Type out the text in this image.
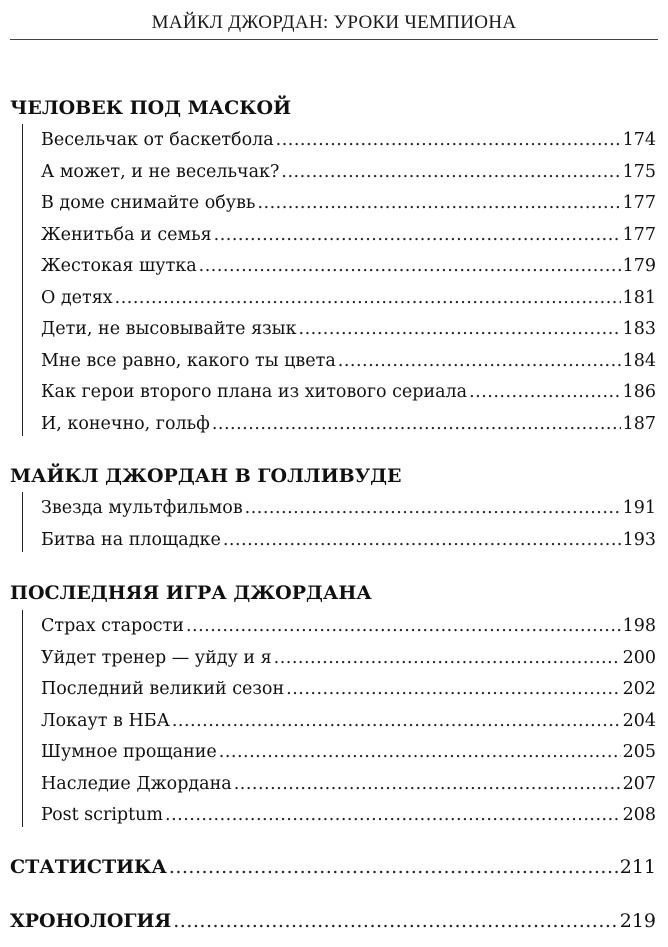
МАЙКЛ ДЖОРДАН: УРОКИ ЧЕМПИОНА
ЧЕЛОВЕК ПОД МАСКОЙ
Весельчак от баскетбола .....	174
А может, и не весельчак? .....	175
В доме снимайте обувь .....	177
Женитьба и семья .....	177
Жестокая шутка .....	179
О детях .....	181
Дети, не высовывайте язык .....	183
Мне все равно, какого ты цвета .....	184
Как герои второго плана из хитового сериала .....	186
И, конечно, гольф .....	187
МАЙКЛ ДЖОРДАН В ГОЛЛИВУДЕ
Звезда мультфильмов .....	191
Битва на площадке .....	193
ПОСЛЕДНЯЯ ИГРА ДЖОРДАНА
Страх старости .....	198
Уйдет тренер — уйду и я .....	200
Последний великий сезон .....	202
Локаут в НБА .....	204
Шумное прощание .....	205
Наследие Джордана .....	207
Post scriptum .....	208
СТАТИСТИКА .....	211
ХРОНОЛОГИЯ .....	219
